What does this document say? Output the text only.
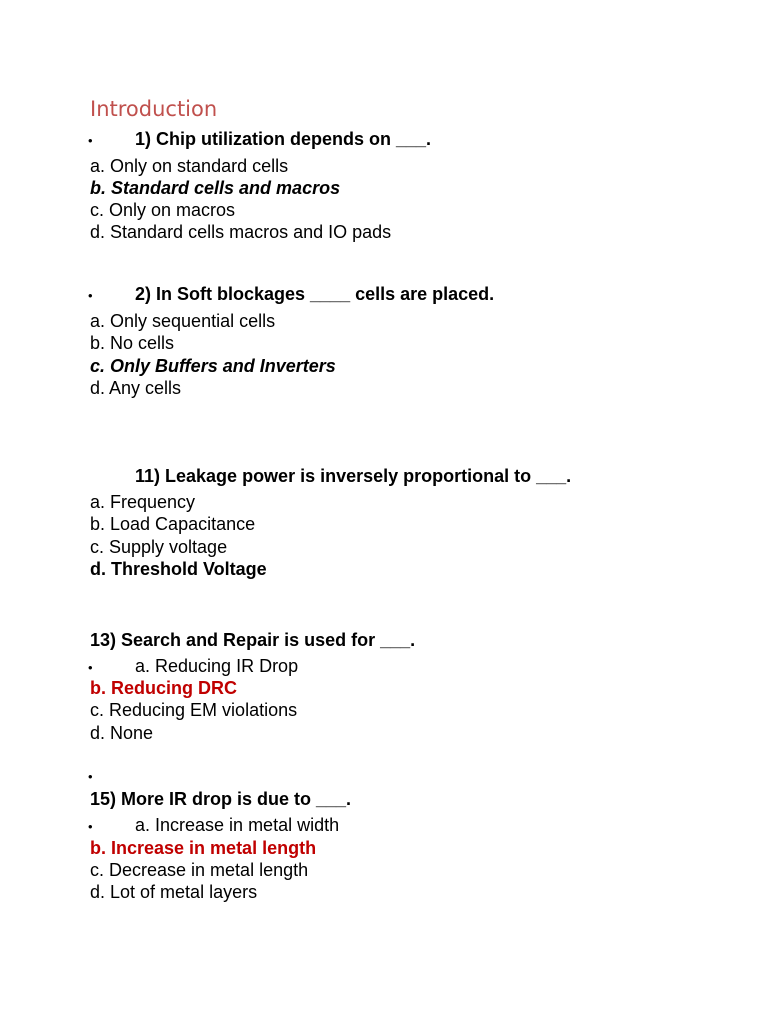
Introduction
• 1) Chip utilization depends on ___.
a. Only on standard cells
b. Standard cells and macros
c. Only on macros
d. Standard cells macros and IO pads
• 2) In Soft blockages ____ cells are placed.
a. Only sequential cells
b. No cells
c. Only Buffers and Inverters
d. Any cells
11) Leakage power is inversely proportional to ___.
a. Frequency
b. Load Capacitance
c. Supply voltage
d. Threshold Voltage
13) Search and Repair is used for ___.
• a. Reducing IR Drop
b. Reducing DRC
c. Reducing EM violations
d. None
•
15) More IR drop is due to ___.
• a. Increase in metal width
b. Increase in metal length
c. Decrease in metal length
d. Lot of metal layers
